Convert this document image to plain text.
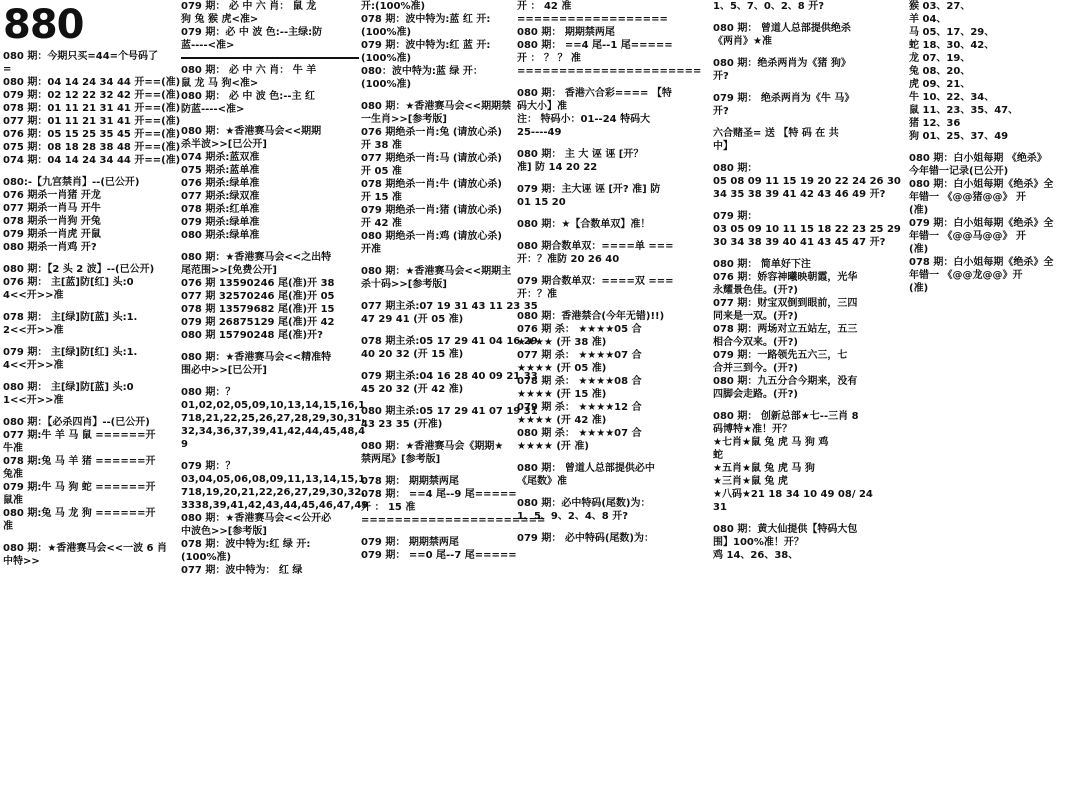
880
080 期：今期只买=44=个号码了
=
080 期：04 14 24 34 44 开==(准)
079 期：02 12 22 32 42 开==(准)
078 期：01 11 21 31 41 开==(准)
077 期：01 11 21 31 41 开==(准)
076 期：05 15 25 35 45 开==(准)
075 期：08 18 28 38 48 开==(准)
074 期：04 14 24 34 44 开==(准)
080:-【九宫禁肖】--(已公开)
076 期杀一肖猪 开龙
077 期杀一肖马 开牛
078 期杀一肖狗 开兔
079 期杀一肖虎 开鼠
080 期杀一肖鸡 开?
080 期：【2 头 2 波】--(已公开)
076 期： 主[蓝]防[红] 头:0
4<<开>>准
078 期： 主[绿]防[蓝] 头:1.
2<<开>>准
079 期： 主[绿]防[红] 头:1.
4<<开>>准
080 期： 主[绿]防[蓝] 头:0
1<<开>>准
080 期：【必杀四肖】--(已公开)
077 期:牛 羊 马 鼠 ======开
牛准
078 期:兔 马 羊 猪 ======开
兔准
079 期:牛 马 狗 蛇 ======开
鼠准
080 期:兔 马 龙 狗 ======开
准
080 期：★香港赛马会<<一波 6 肖
中特>>
079 期： 必 中 六 肖： 鼠 龙
狗 兔 猴 虎<准>
079 期：必 中 波 色:--主绿:防
蓝----<准>
080 期： 必 中 六 肖： 牛 羊
鼠 龙 马 狗<准>
080 期： 必 中 波 色:--主 红
防蓝----<准>
080 期：★香港赛马会<<期期
杀半波>>[已公开]
074 期杀:蓝双准
075 期杀:蓝单准
076 期杀:绿单准
077 期杀:绿双准
078 期杀:红单准
079 期杀:绿单准
080 期杀:绿单准
080 期：★香港赛马会<<之出特
尾范围>>[免费公开]
076 期 13590246 尾(准)开 38
077 期 32570246 尾(准)开 05
078 期 13579682 尾(准)开 15
079 期 26875129 尾(准)开 42
080 期 15790248 尾(准)开?
080 期：★香港赛马会<<精准特
围必中>>[已公开]
080 期：？
01,02,02,05,09,10,13,14,15,16,1
718,21,22,25,26,27,28,29,30,31,
32,34,36,37,39,41,42,44,45,48,4
9
079 期：？
03,04,05,06,08,09,11,13,14,15,1
718,19,20,21,22,26,27,29,30,32,
3338,39,41,42,43,44,45,46,47,49
080 期：★香港赛马会<<公开必
中波色>>[参考版]
078 期：波中特为:红 绿 开:
(100%准)
077 期：波中特为： 红 绿
开:(100%准)
078 期：波中特为:蓝 红 开:
(100%准)
079 期：波中特为:红 蓝 开:
(100%准)
080：波中特为:蓝 绿 开：
(100%准)
080 期：★香港赛马会<<期期禁
一生肖>>[参考版]
076 期绝杀一肖:兔 (请放心杀)
开 38 准
077 期绝杀一肖:马 (请放心杀)
开 05 准
078 期绝杀一肖:牛 (请放心杀)
开 15 准
079 期绝杀一肖:猪 (请放心杀)
开 42 准
080 期绝杀一肖:鸡 (请放心杀)
开准
080 期：★香港赛马会<<期期主
杀十码>>[参考版]
077 期主杀:07 19 31 43 11 23 35
47 29 41 (开 05 准)
078 期主杀:05 17 29 41 04 16 29
40 20 32 (开 15 准)
079 期主杀:04 16 28 40 09 21 33
45 20 32 (开 42 准)
080 期主杀:05 17 29 41 07 19 31
43 23 35 (开准)
080 期：★香港赛马会《期期★
禁两尾》[参考版]
078 期： 期期禁两尾
078 期： ==4 尾--9 尾=====
开 ： 15 准
======================
079 期： 期期禁两尾
079 期： ==0 尾--7 尾=====
开 ： 42 准
==================
080 期： 期期禁两尾
080 期： ==4 尾--1 尾=====
开 ： ？ ？ 准
======================
080 期： 香港六合彩==== 【特
码大小】准
注： 特码小：01--24 特码大
25----49
080 期： 主 大 诬 诬 [开？
准] 防 14 20 22
079 期：主大诬 诬 [开? 准] 防
01 15 20
080 期：★【合数单双】准！
080 期合数单双：====单 ===
开：？准防 20 26 40
079 期合数单双：====双 ===
开：？准
080 期：香港禁合(今年无错)!!)
076 期 杀： ★★★★05 合
★★★★ (开 38 准)
077 期 杀： ★★★★07 合
★★★★ (开 05 准)
078 期 杀： ★★★★08 合
★★★★ (开 15 准)
079 期 杀： ★★★★12 合
★★★★ (开 42 准)
080 期 杀： ★★★★07 合
★★★★ (开 准)
080 期： 曾道人总部提供必中
《尾数》准
080 期：必中特码(尾数)为：
1、5、9、2、4、8 开?
079 期： 必中特码(尾数)为：
1、5、7、0、2、8 开?
080 期： 曾道人总部提供绝杀
《两肖》★准
080 期：绝杀两肖为《猪 狗》
开?
079 期： 绝杀两肖为《牛 马》
开?
六合赌圣= 送 【特 码 在 共
中】
080 期：
05 08 09 11 15 19 20 22 24 26 30
34 35 38 39 41 42 43 46 49 开?
079 期：
03 05 09 10 11 15 18 22 23 25 29
30 34 38 39 40 41 43 45 47 开?
080 期： 简单好下注
076 期：娇容神曦映朝霞，光华
永耀景色佳。(开?)
077 期：财宝双倒到眼前，三四
同来是一双。(开?)
078 期：两场对立五站左，五三
相合今双来。(开?)
079 期：一路领先五六三，七
合并三到今。(开?)
080 期：九五分合今期来，没有
四脚会走路。(开?)
080 期： 创新总部★七--三肖 8
码博特★准！开？
★七肖★鼠 兔 虎 马 狗 鸡
蛇
★五肖★鼠 兔 虎 马 狗
★三肖★鼠 兔 虎
★八码★21 18 34 10 49 08/ 24
31
080 期：黄大仙提供【特码大包
围】100%准！开？
鸡 14、26、38、
猴 03、27、
羊 04、
马 05、17、29、
蛇 18、30、42、
龙 07、19、
兔 08、20、
虎 09、21、
牛 10、22、34、
鼠 11、23、35、47、
猪 12、36
狗 01、25、37、49
080 期：白小姐每期 《绝杀》
今年错一记录(已公开)
080 期：白小姐每期《绝杀》全
年错一 《@@猪@@》 开
(准)
079 期：白小姐每期《绝杀》全
年错一 《@@马@@》 开
(准)
078 期：白小姐每期《绝杀》全
年错一 《@@龙@@》开
(准)
